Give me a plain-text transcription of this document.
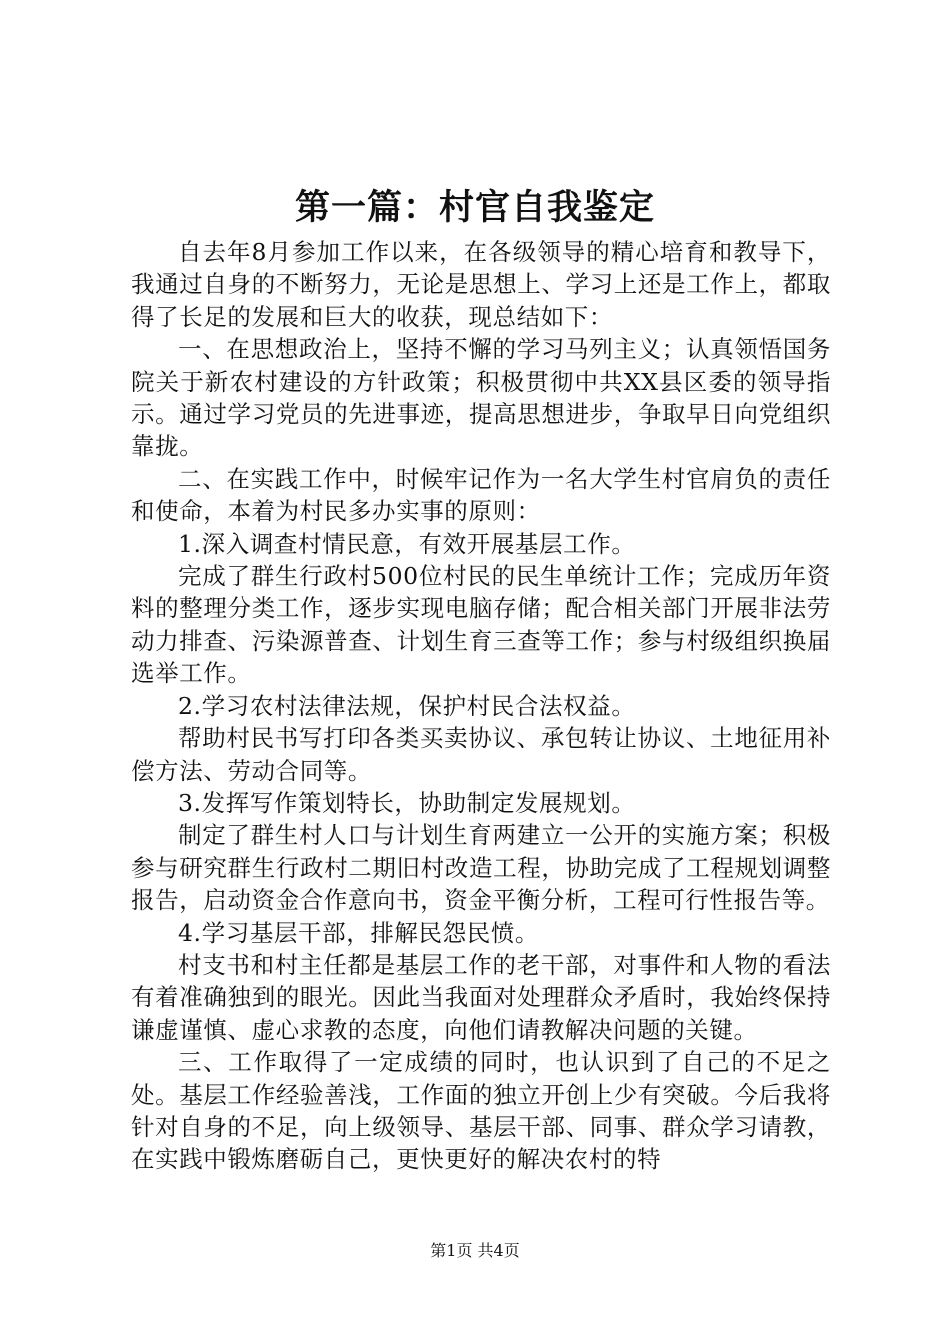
第一篇：村官自我鉴定

自去年8月参加工作以来，在各级领导的精心培育和教导下，我通过自身的不断努力，无论是思想上、学习上还是工作上，都取得了长足的发展和巨大的收获，现总结如下：

一、在思想政治上，坚持不懈的学习马列主义；认真领悟国务院关于新农村建设的方针政策；积极贯彻中共XX县区委的领导指示。通过学习党员的先进事迹，提高思想进步，争取早日向党组织靠拢。

二、在实践工作中，时候牢记作为一名大学生村官肩负的责任和使命，本着为村民多办实事的原则：

1.深入调查村情民意，有效开展基层工作。

完成了群生行政村500位村民的民生单统计工作；完成历年资料的整理分类工作，逐步实现电脑存储；配合相关部门开展非法劳动力排查、污染源普查、计划生育三查等工作；参与村级组织换届选举工作。

2.学习农村法律法规，保护村民合法权益。

帮助村民书写打印各类买卖协议、承包转让协议、土地征用补偿方法、劳动合同等。

3.发挥写作策划特长，协助制定发展规划。

制定了群生村人口与计划生育两建立一公开的实施方案；积极参与研究群生行政村二期旧村改造工程，协助完成了工程规划调整报告，启动资金合作意向书，资金平衡分析，工程可行性报告等。

4.学习基层干部，排解民怨民愤。

村支书和村主任都是基层工作的老干部，对事件和人物的看法有着准确独到的眼光。因此当我面对处理群众矛盾时，我始终保持谦虚谨慎、虚心求教的态度，向他们请教解决问题的关键。

三、工作取得了一定成绩的同时，也认识到了自己的不足之处。基层工作经验善浅，工作面的独立开创上少有突破。今后我将针对自身的不足，向上级领导、基层干部、同事、群众学习请教，在实践中锻炼磨砺自己，更快更好的解决农村的特

第1页 共4页
